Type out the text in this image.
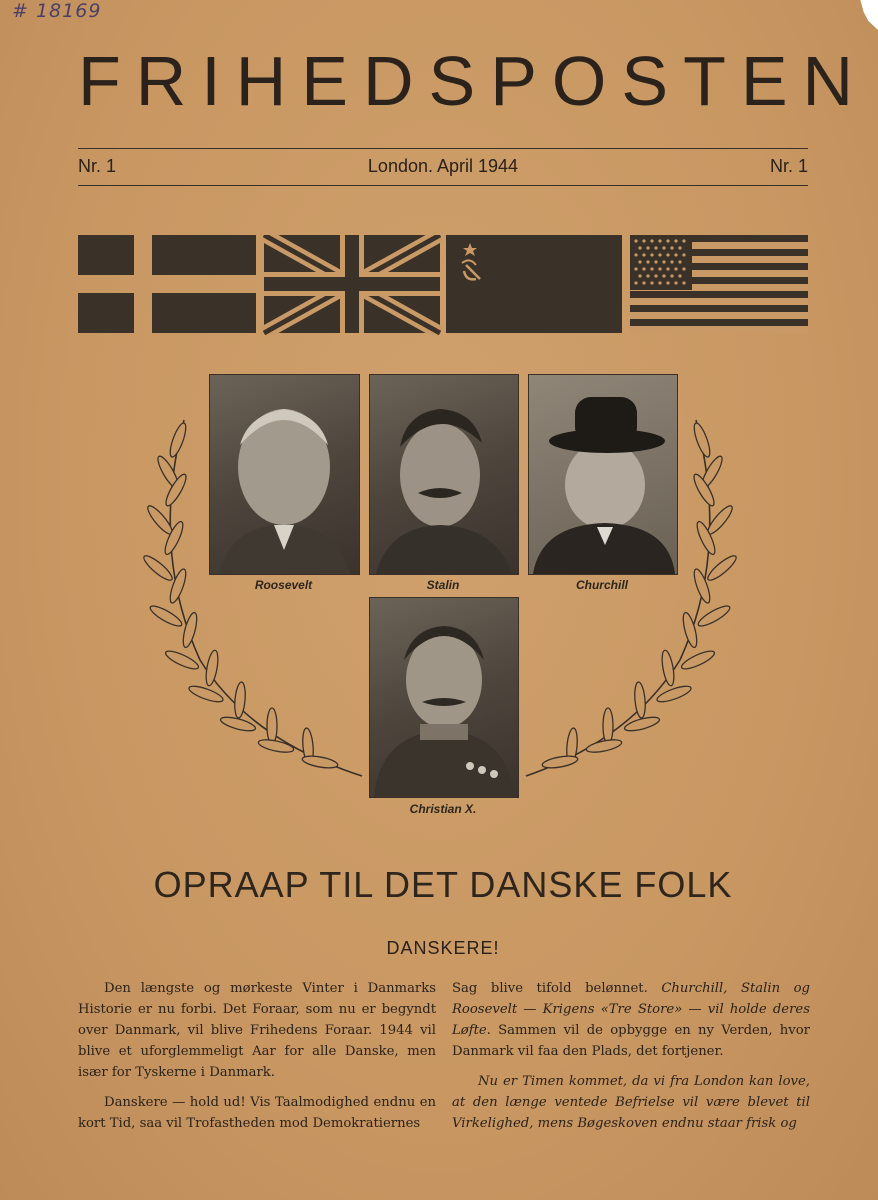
# 18169
FRIHEDSPOSTEN
Nr. 1	London. April 1944	Nr. 1
Roosevelt	Stalin	Churchill
Christian X.
OPRAAP TIL DET DANSKE FOLK
DANSKERE!

Den længste og mørkeste Vinter i Danmarks Historie er nu forbi. Det Foraar, som nu er begyndt over Danmark, vil blive Frihedens Foraar. 1944 vil blive et uforglemmeligt Aar for alle Danske, men især for Tyskerne i Danmark.

Danskere — hold ud! Vis Taalmodighed endnu en kort Tid, saa vil Trofastheden mod Demokratiernes

Sag blive tifold belønnet. Churchill, Stalin og Roosevelt — Krigens «Tre Store» — vil holde deres Løfte. Sammen vil de opbygge en ny Verden, hvor Danmark vil faa den Plads, det fortjener.

Nu er Timen kommet, da vi fra London kan love, at den længe ventede Befrielse vil være blevet til Virkelighed, mens Bøgeskoven endnu staar frisk og
